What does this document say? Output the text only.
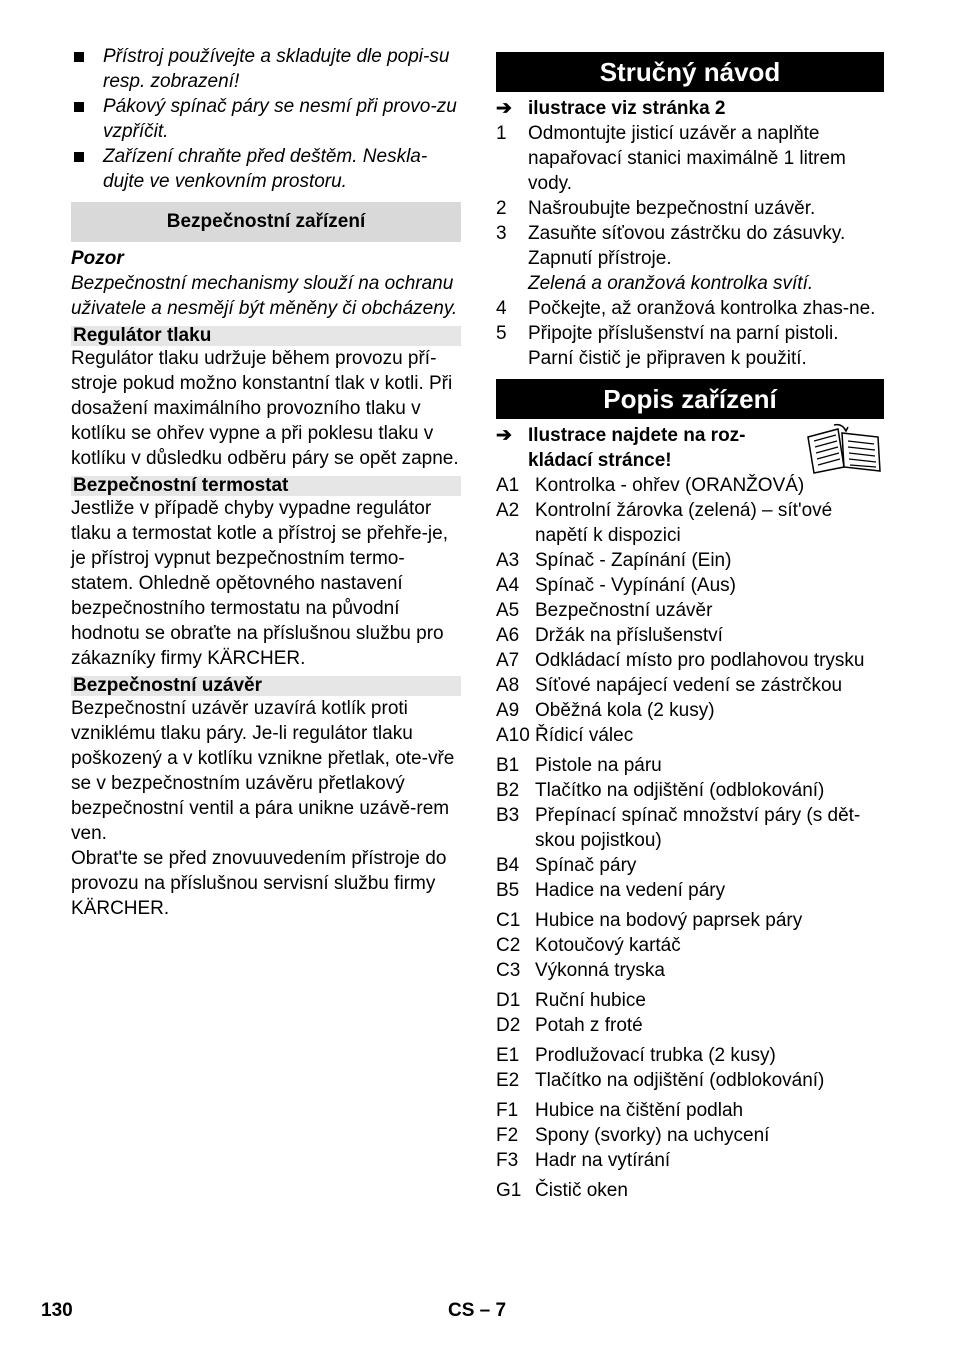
Přístroj používejte a skladujte dle popi-su resp. zobrazení!
Pákový spínač páry se nesmí při provo-zu vzpříčit.
Zařízení chraňte před deštěm. Neskla-dujte ve venkovním prostoru.
Bezpečnostní zařízení

Pozor

Bezpečnostní mechanismy slouží na ochranu uživatele a nesmějí být měněny či obcházeny.

Regulátor tlaku

Regulátor tlaku udržuje během provozu pří-stroje pokud možno konstantní tlak v kotli. Při dosažení maximálního provozního tlaku v kotlíku se ohřev vypne a při poklesu tlaku v kotlíku v důsledku odběru páry se opět zapne.

Bezpečnostní termostat

Jestliže v případě chyby vypadne regulátor tlaku a termostat kotle a přístroj se přehře-je, je přístroj vypnut bezpečnostním termo-statem. Ohledně opětovného nastavení bezpečnostního termostatu na původní hodnotu se obraťte na příslušnou službu pro zákazníky firmy KÄRCHER.

Bezpečnostní uzávěr

Bezpečnostní uzávěr uzavírá kotlík proti vzniklému tlaku páry. Je-li regulátor tlaku poškozený a v kotlíku vznikne přetlak, ote-vře se v bezpečnostním uzávěru přetlakový bezpečnostní ventil a pára unikne uzávě-rem ven.

Obrat'te se před znovuuvedením přístroje do provozu na příslušnou servisní službu firmy KÄRCHER.

Stručný návod
➔ ilustrace viz stránka 2
1 Odmontujte jisticí uzávěr a naplňte napařovací stanici maximálně 1 litrem vody.
2 Našroubujte bezpečnostní uzávěr.
3 Zasuňte síťovou zástrčku do zásuvky. Zapnutí přístroje.
Zelená a oranžová kontrolka svítí.
4 Počkejte, až oranžová kontrolka zhas-ne.
5 Připojte příslušenství na parní pistoli. Parní čistič je připraven k použití.
Popis zařízení
➔ Ilustrace najdete na roz-kládací stránce!
A1 Kontrolka - ohřev (ORANŽOVÁ)
A2 Kontrolní žárovka (zelená) – sít'ové napětí k dispozici
A3 Spínač - Zapínání (Ein)
A4 Spínač - Vypínání (Aus)
A5 Bezpečnostní uzávěr
A6 Držák na příslušenství
A7 Odkládací místo pro podlahovou trysku
A8 Síťové napájecí vedení se zástrčkou
A9 Oběžná kola (2 kusy)
A10 Řídicí válec
B1 Pistole na páru
B2 Tlačítko na odjištění (odblokování)
B3 Přepínací spínač množství páry (s dět-skou pojistkou)
B4 Spínač páry
B5 Hadice na vedení páry
C1 Hubice na bodový paprsek páry
C2 Kotoučový kartáč
C3 Výkonná tryska
D1 Ruční hubice
D2 Potah z froté
E1 Prodlužovací trubka (2 kusy)
E2 Tlačítko na odjištění (odblokování)
F1 Hubice na čištění podlah
F2 Spony (svorky) na uchycení
F3 Hadr na vytírání
G1 Čistič oken
130	CS – 7
